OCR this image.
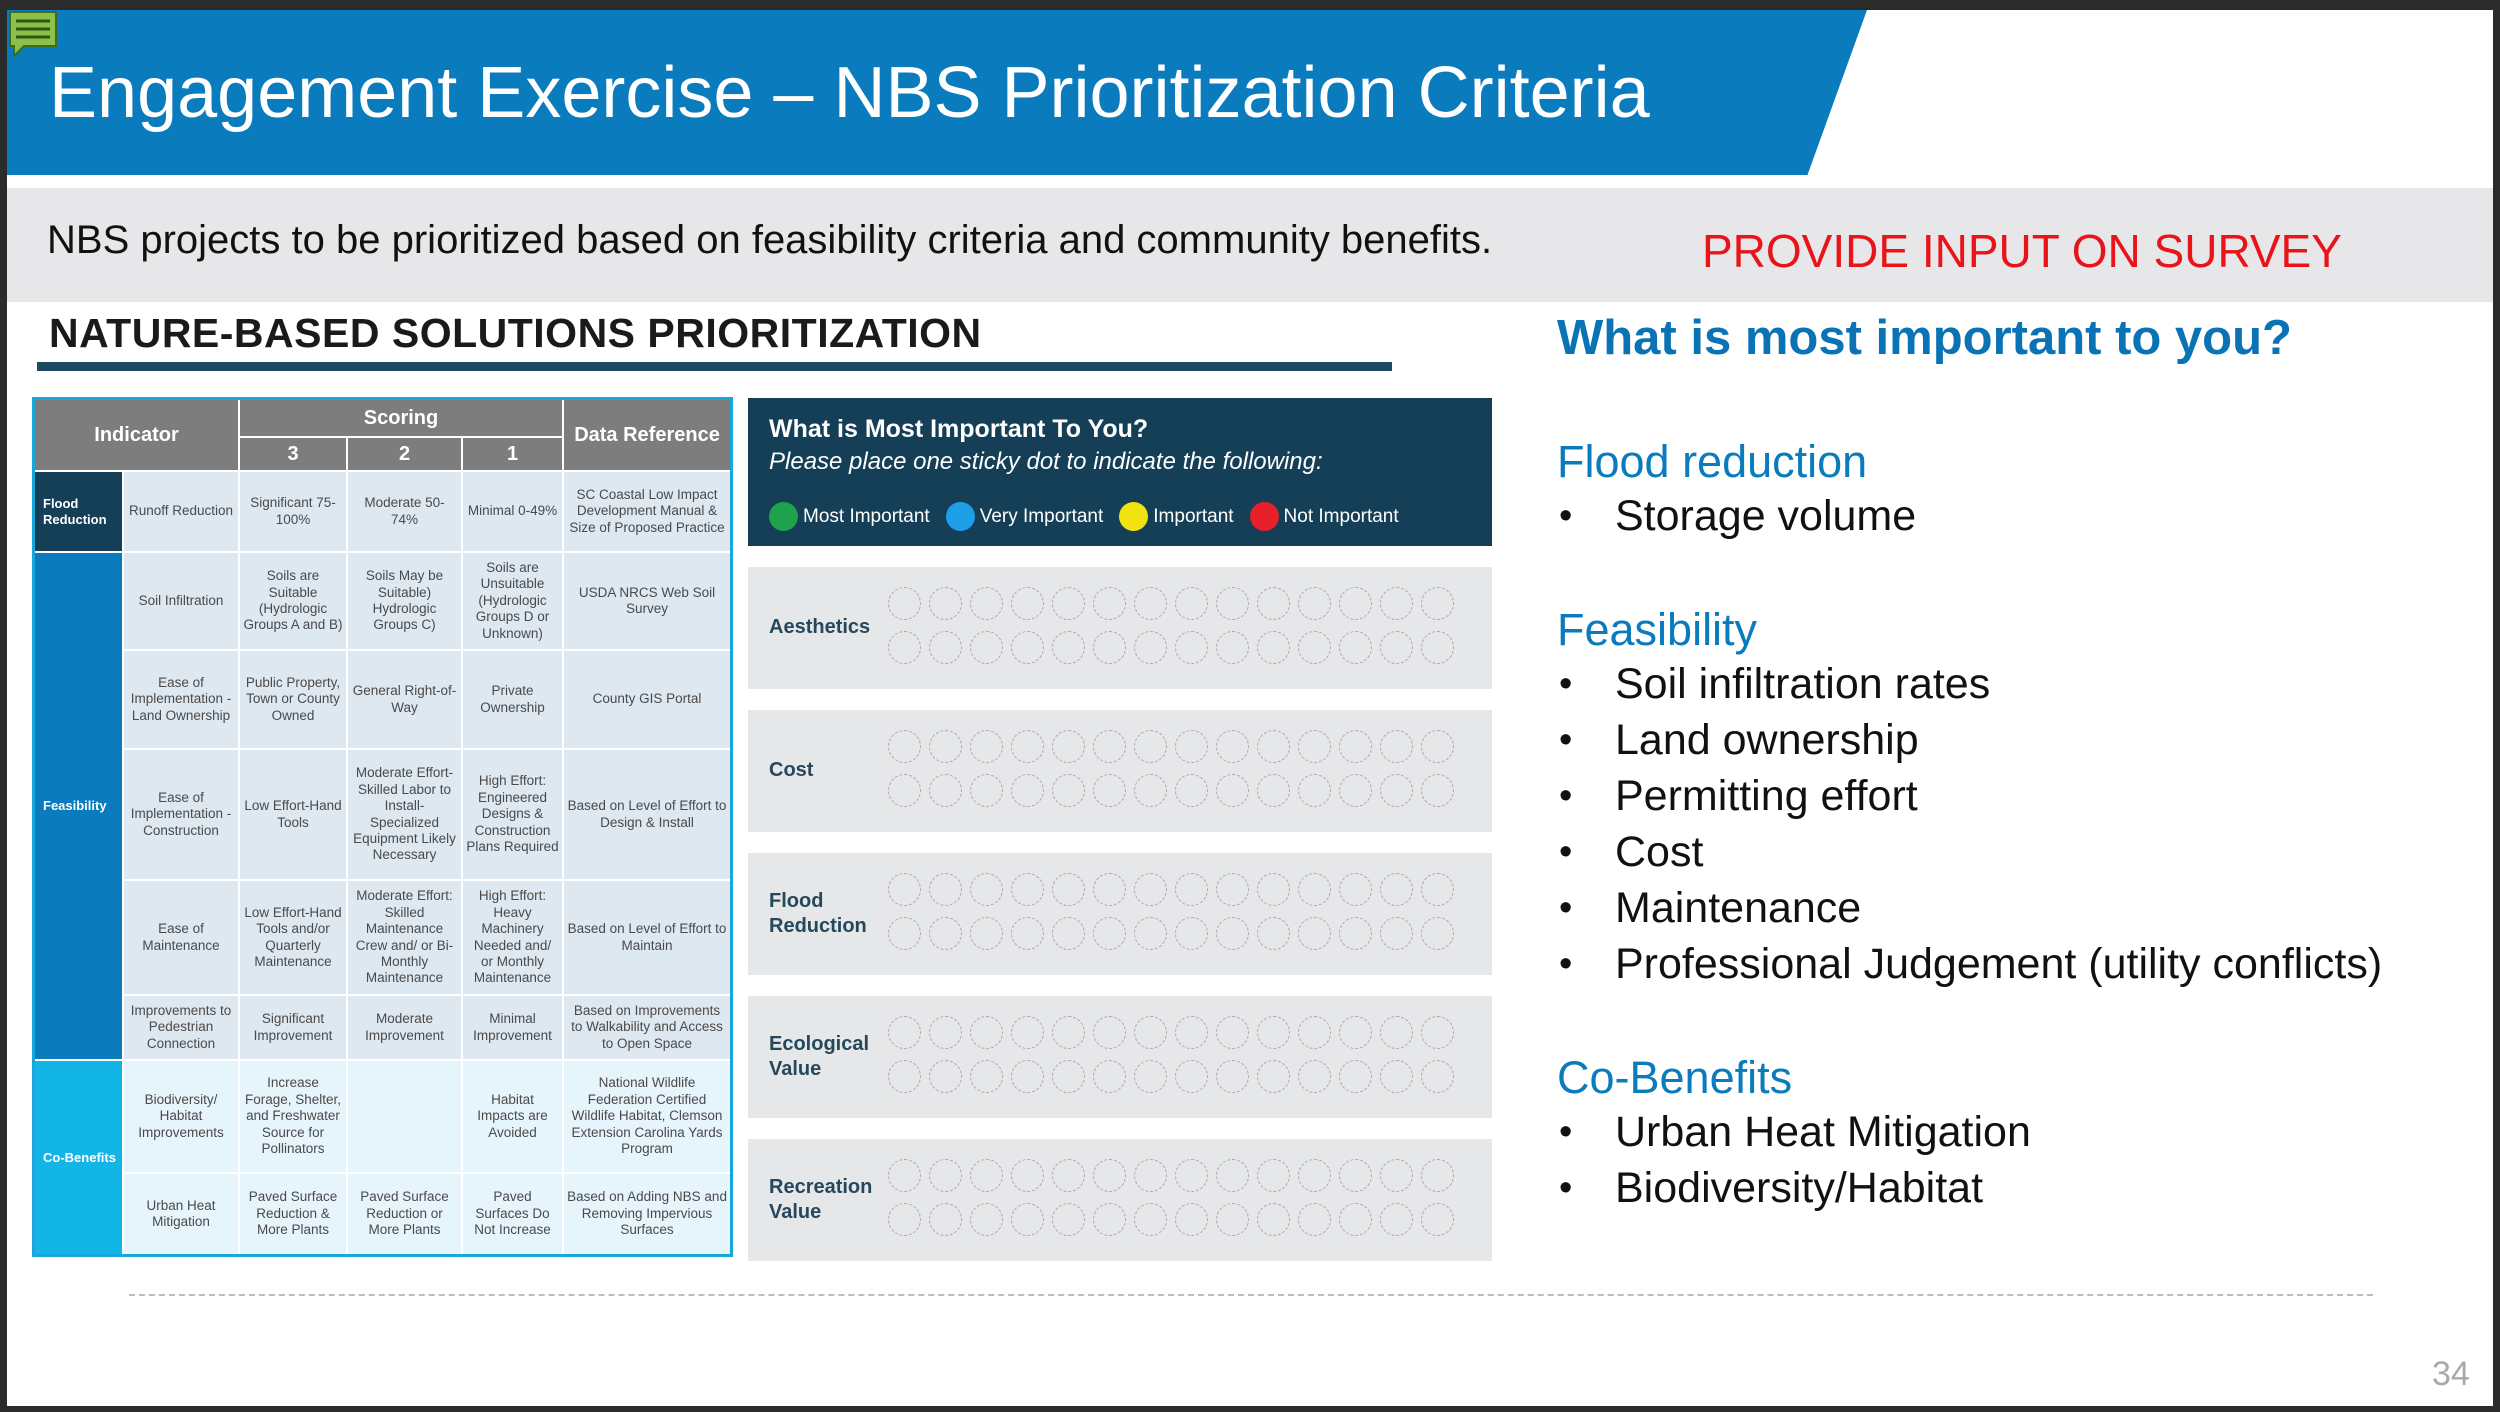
Engagement Exercise – NBS Prioritization Criteria
NBS projects to be prioritized based on feasibility criteria and community benefits.	PROVIDE INPUT ON SURVEY
NATURE-BASED SOLUTIONS PRIORITIZATION
Indicator		Scoring			Data Reference
		3	2	1	
Flood Reduction	Runoff Reduction	Significant 75-100%	Moderate 50-74%	Minimal 0-49%	SC Coastal Low Impact Development Manual & Size of Proposed Practice
Feasibility	Soil Infiltration	Soils are Suitable (Hydrologic Groups A and B)	Soils May be Suitable) Hydrologic Groups C)	Soils are Unsuitable (Hydrologic Groups D or Unknown)	USDA NRCS Web Soil Survey
	Ease of Implementation - Land Ownership	Public Property, Town or County Owned	General Right-of-Way	Private Ownership	County GIS Portal
	Ease of Implementation - Construction	Low Effort-Hand Tools	Moderate Effort- Skilled Labor to Install-Specialized Equipment Likely Necessary	High Effort: Engineered Designs & Construction Plans Required	Based on Level of Effort to Design & Install
	Ease of Maintenance	Low Effort-Hand Tools and/or Quarterly Maintenance	Moderate Effort: Skilled Maintenance Crew and/ or Bi-Monthly Maintenance	High Effort: Heavy Machinery Needed and/ or Monthly Maintenance	Based on Level of Effort to Maintain
	Improvements to Pedestrian Connection	Significant Improvement	Moderate Improvement	Minimal Improvement	Based on Improvements to Walkability and Access to Open Space
Co-Benefits	Biodiversity/ Habitat Improvements	Increase Forage, Shelter, and Freshwater Source for Pollinators		Habitat Impacts are Avoided	National Wildlife Federation Certified Wildlife Habitat, Clemson Extension Carolina Yards Program
	Urban Heat Mitigation	Paved Surface Reduction & More Plants	Paved Surface Reduction or More Plants	Paved Surfaces Do Not Increase	Based on Adding NBS and Removing Impervious Surfaces
What is Most Important To You?
Please place one sticky dot to indicate the following:
Most Important	Very Important	Important	Not Important
Aesthetics

Cost

Flood
Reduction
Ecological
Value
Recreation
Value
What is most important to you?
Flood reduction
• Storage volume
Feasibility
• Soil infiltration rates
• Land ownership
• Permitting effort
• Cost
• Maintenance
• Professional Judgement (utility conflicts)
Co-Benefits
• Urban Heat Mitigation
• Biodiversity/Habitat
34
